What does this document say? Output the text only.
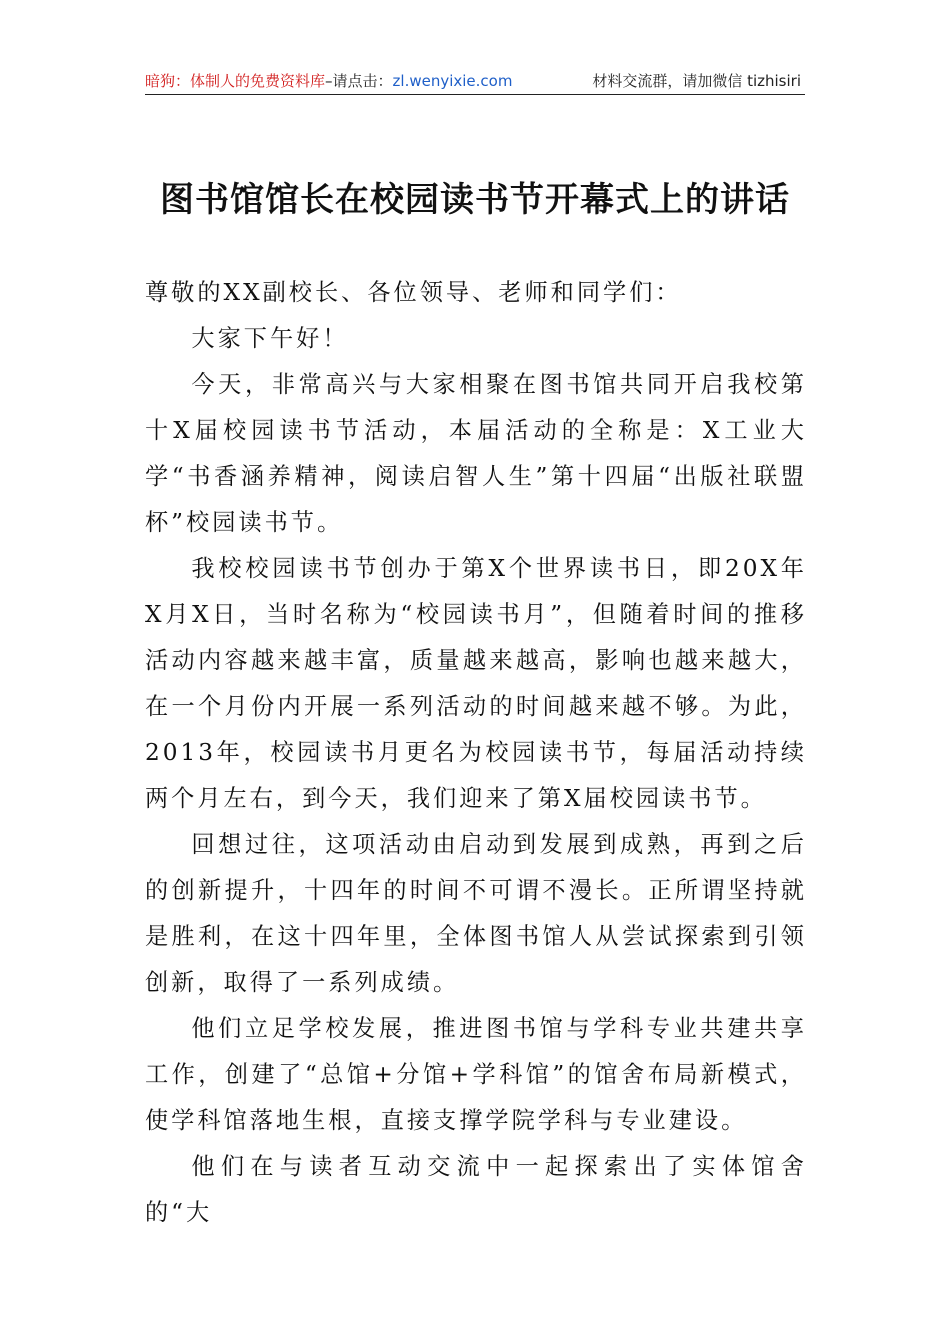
暗狗：体制人的免费资料库–请点击：zl.wenyixie.com	材料交流群，请加微信 tizhisiri
图书馆馆长在校园读书节开幕式上的讲话

尊敬的XX副校长、各位领导、老师和同学们：

大家下午好！

今天，非常高兴与大家相聚在图书馆共同开启我校第十X届校园读书节活动，本届活动的全称是：X工业大学“书香涵养精神，阅读启智人生”第十四届“出版社联盟杯”校园读书节。

我校校园读书节创办于第X个世界读书日，即20X年X月X日，当时名称为“校园读书月”，但随着时间的推移活动内容越来越丰富，质量越来越高，影响也越来越大，在一个月份内开展一系列活动的时间越来越不够。为此，2013年，校园读书月更名为校园读书节，每届活动持续两个月左右，到今天，我们迎来了第X届校园读书节。

回想过往，这项活动由启动到发展到成熟，再到之后的创新提升，十四年的时间不可谓不漫长。正所谓坚持就是胜利，在这十四年里，全体图书馆人从尝试探索到引领创新，取得了一系列成绩。

他们立足学校发展，推进图书馆与学科专业共建共享工作，创建了“总馆+分馆+学科馆”的馆舍布局新模式，使学科馆落地生根，直接支撑学院学科与专业建设。

他们在与读者互动交流中一起探索出了实体馆舍的“大
